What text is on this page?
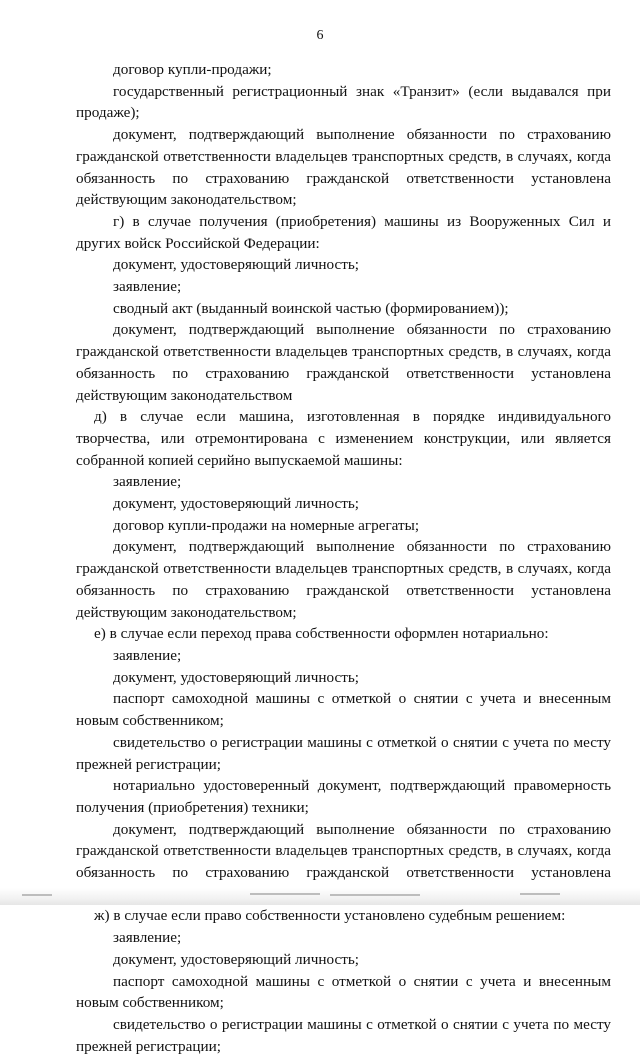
6

договор купли-продажи;

государственный регистрационный знак «Транзит» (если выдавался при продаже);

документ, подтверждающий выполнение обязанности по страхованию гражданской ответственности владельцев транспортных средств, в случаях, когда обязанность по страхованию гражданской ответственности установлена действующим законодательством;

г) в случае получения (приобретения) машины из Вооруженных Сил и других войск Российской Федерации:

документ, удостоверяющий личность;

заявление;

сводный акт (выданный воинской частью (формированием));

документ, подтверждающий выполнение обязанности по страхованию гражданской ответственности владельцев транспортных средств, в случаях, когда обязанность по страхованию гражданской ответственности установлена действующим законодательством

д) в случае если машина, изготовленная в порядке индивидуального творчества, или отремонтирована с изменением конструкции, или является собранной копией серийно выпускаемой машины:

заявление;

документ, удостоверяющий личность;

договор купли-продажи на номерные агрегаты;

документ, подтверждающий выполнение обязанности по страхованию гражданской ответственности владельцев транспортных средств, в случаях, когда обязанность по страхованию гражданской ответственности установлена действующим законодательством;

е) в случае если переход права собственности оформлен нотариально:

заявление;

документ, удостоверяющий личность;

паспорт самоходной машины с отметкой о снятии с учета и внесенным новым собственником;

свидетельство о регистрации машины с отметкой о снятии с учета по месту прежней регистрации;

нотариально удостоверенный документ, подтверждающий правомерность получения (приобретения) техники;

документ, подтверждающий выполнение обязанности по страхованию гражданской ответственности владельцев транспортных средств, в случаях, когда обязанность по страхованию гражданской ответственности установлена

ж) в случае если право собственности установлено судебным решением:

заявление;

документ, удостоверяющий личность;

паспорт самоходной машины с отметкой о снятии с учета и внесенным новым собственником;

свидетельство о регистрации машины с отметкой о снятии с учета по месту прежней регистрации;
